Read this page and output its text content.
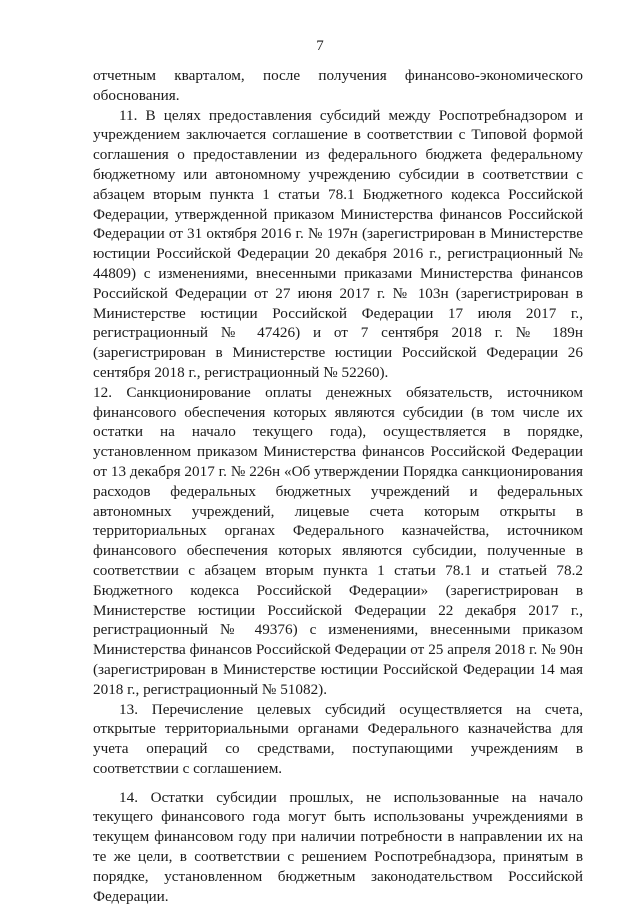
7

отчетным кварталом, после получения финансово-экономического обоснования.

11. В целях предоставления субсидий между Роспотребнадзором и учреждением заключается соглашение в соответствии с Типовой формой соглашения о предоставлении из федерального бюджета федеральному бюджетному или автономному учреждению субсидии в соответствии с абзацем вторым пункта 1 статьи 78.1 Бюджетного кодекса Российской Федерации, утвержденной приказом Министерства финансов Российской Федерации от 31 октября 2016 г. № 197н (зарегистрирован в Министерстве юстиции Российской Федерации 20 декабря 2016 г., регистрационный № 44809) с изменениями, внесенными приказами Министерства финансов Российской Федерации от 27 июня 2017 г. № 103н (зарегистрирован в Министерстве юстиции Российской Федерации 17 июля 2017 г., регистрационный № 47426) и от 7 сентября 2018 г. № 189н (зарегистрирован в Министерстве юстиции Российской Федерации 26 сентября 2018 г., регистрационный № 52260).

12. Санкционирование оплаты денежных обязательств, источником финансового обеспечения которых являются субсидии (в том числе их остатки на начало текущего года), осуществляется в порядке, установленном приказом Министерства финансов Российской Федерации от 13 декабря 2017 г. № 226н «Об утверждении Порядка санкционирования расходов федеральных бюджетных учреждений и федеральных автономных учреждений, лицевые счета которым открыты в территориальных органах Федерального казначейства, источником финансового обеспечения которых являются субсидии, полученные в соответствии с абзацем вторым пункта 1 статьи 78.1 и статьей 78.2 Бюджетного кодекса Российской Федерации» (зарегистрирован в Министерстве юстиции Российской Федерации 22 декабря 2017 г., регистрационный № 49376) с изменениями, внесенными приказом Министерства финансов Российской Федерации от 25 апреля 2018 г. № 90н (зарегистрирован в Министерстве юстиции Российской Федерации 14 мая 2018 г., регистрационный № 51082).

13. Перечисление целевых субсидий осуществляется на счета, открытые территориальными органами Федерального казначейства для учета операций со средствами, поступающими учреждениям в соответствии с соглашением.

14. Остатки субсидии прошлых, не использованные на начало текущего финансового года могут быть использованы учреждениями в текущем финансовом году при наличии потребности в направлении их на те же цели, в соответствии с решением Роспотребнадзора, принятым в порядке, установленном бюджетным законодательством Российской Федерации.
